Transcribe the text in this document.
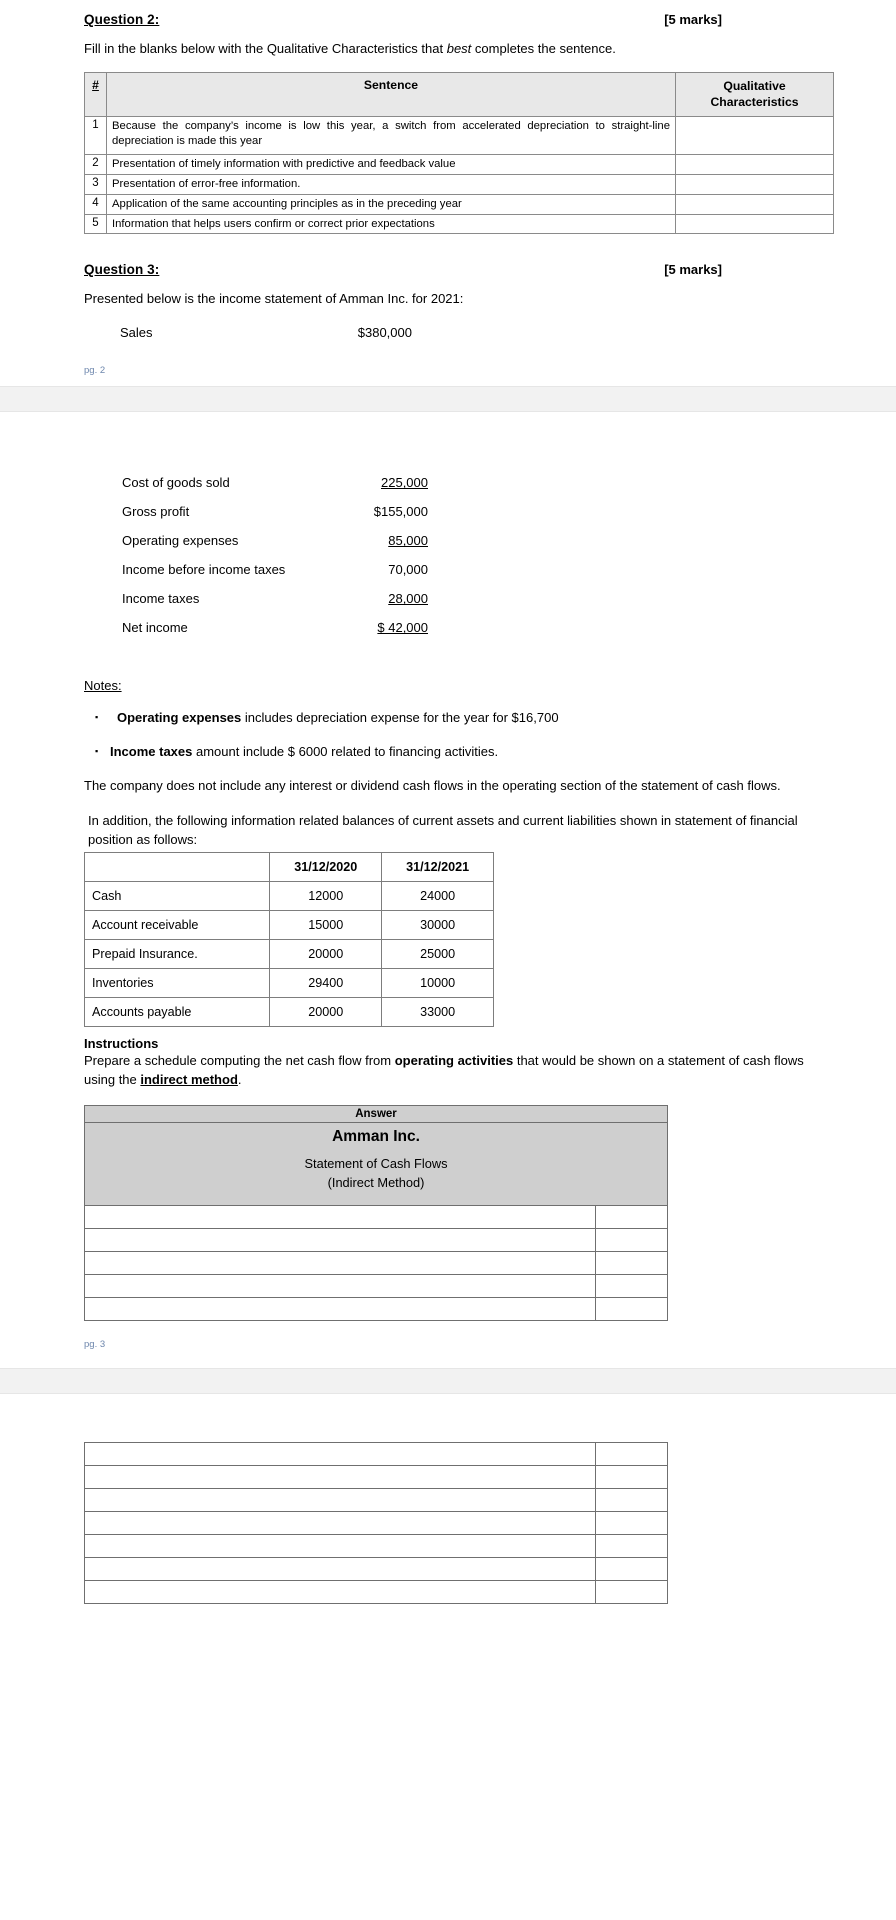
Question 2:	[5 marks]
Fill in the blanks below with the Qualitative Characteristics that best completes the sentence.
#	Sentence	Qualitative
Characteristics

1	Because the company’s income is low this year, a switch from accelerated depreciation to straight-line depreciation is made this year	
2	Presentation of timely information with predictive and feedback value	
3	Presentation of error-free information.	
4	Application of the same accounting principles as in the preceding year	
5	Information that helps users confirm or correct prior expectations	
Question 3:	[5 marks]
Presented below is the income statement of Amman Inc. for 2021:
Sales	$380,000
pg. 2
Cost of goods sold	225,000
Gross profit	$155,000
Operating expenses	85,000
Income before income taxes	70,000
Income taxes	28,000
Net income	$ 42,000
Notes:
▪	Operating expenses includes depreciation expense for the year for $16,700
▪ Income taxes amount include $ 6000 related to financing activities.
The company does not include any interest or dividend cash flows in the operating section of the statement of cash flows.
In addition, the following information related balances of current assets and current liabilities shown in statement of financial position as follows:
	31/12/2020	31/12/2021
Cash	12000	24000
Account receivable	15000	30000
Prepaid Insurance.	20000	25000
Inventories	29400	10000
Accounts payable	20000	33000
Instructions
Prepare a schedule computing the net cash flow from operating activities that would be shown on a statement of cash flows using the indirect method.
Answer	

Amman Inc.
Statement of Cash Flows
(Indirect Method)	

pg. 3
